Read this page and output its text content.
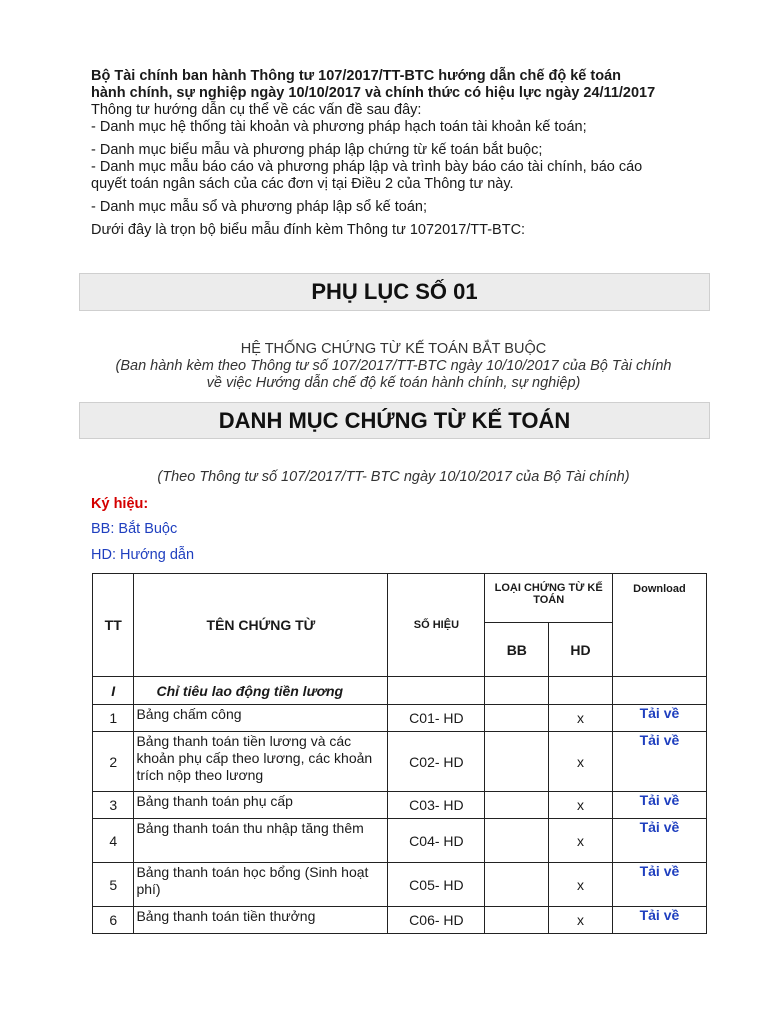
Bộ Tài chính ban hành Thông tư 107/2017/TT-BTC hướng dẫn chế độ kế toán
hành chính, sự nghiệp ngày 10/10/2017 và chính thức có hiệu lực ngày 24/11/2017
Thông tư hướng dẫn cụ thể về các vấn đề sau đây:
- Danh mục hệ thống tài khoản và phương pháp hạch toán tài khoản kế toán;
- Danh mục biểu mẫu và phương pháp lập chứng từ kế toán bắt buộc;
- Danh mục mẫu báo cáo và phương pháp lập và trình bày báo cáo tài chính, báo cáo
quyết toán ngân sách của các đơn vị tại Điều 2 của Thông tư này.
- Danh mục mẫu sổ và phương pháp lập sổ kế toán;
Dưới đây là trọn bộ biểu mẫu đính kèm Thông tư 1072017/TT-BTC:
PHỤ LỤC SỐ 01
HỆ THỐNG CHỨNG TỪ KẾ TOÁN BẮT BUỘC
(Ban hành kèm theo Thông tư số 107/2017/TT-BTC ngày 10/10/2017 của Bộ Tài chính
về việc Hướng dẫn chế độ kế toán hành chính, sự nghiệp)
DANH MỤC CHỨNG TỪ KẾ TOÁN
(Theo Thông tư số 107/2017/TT- BTC ngày 10/10/2017 của Bộ Tài chính)
Ký hiệu:
BB: Bắt Buộc
HD: Hướng dẫn
TT	TÊN CHỨNG TỪ	SỐ HIỆU	LOẠI CHỨNG TỪ KẾ TOÁN		Download
			BB	HD	
I	Chỉ tiêu lao động tiền lương				
1	Bảng chấm công	C01- HD		x	Tải về
2	Bảng thanh toán tiền lương và các khoản phụ cấp theo lương, các khoản trích nộp theo lương	C02- HD		x	Tải về
3	Bảng thanh toán phụ cấp	C03- HD		x	Tải về
4	Bảng thanh toán thu nhập tăng thêm	C04- HD		x	Tải về
5	Bảng thanh toán học bổng (Sinh hoạt phí)	C05- HD		x	Tải về
6	Bảng thanh toán tiền thưởng	C06- HD		x	Tải về
